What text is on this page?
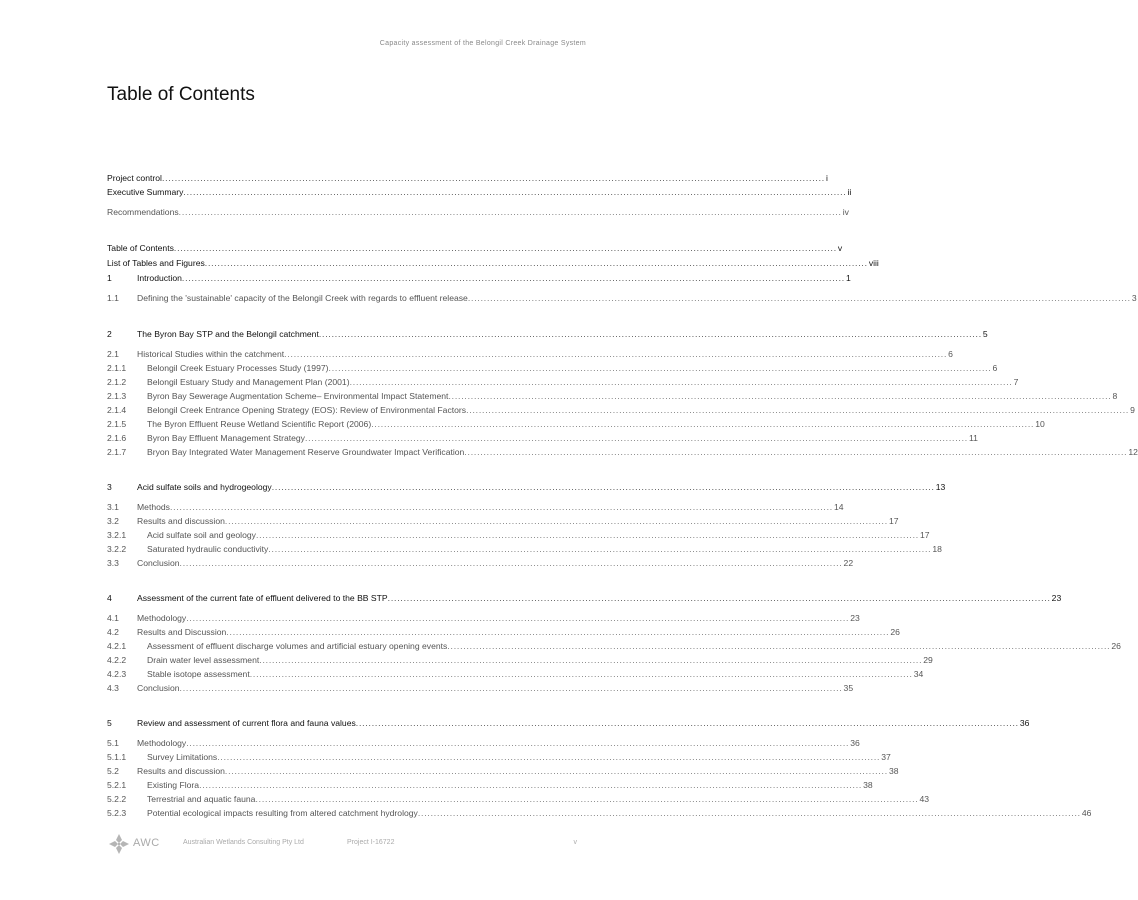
Capacity assessment of the Belongil Creek Drainage System
Table of Contents
Project control .....	i
Executive Summary .....	ii
Recommendations .....	iv
Table of Contents .....	v
List of Tables and Figures .....	viii
1	Introduction .....	1
1.1	Defining the 'sustainable' capacity of the Belongil Creek with regards to effluent release .....	3
2	The Byron Bay STP and the Belongil catchment .....	5
2.1	Historical Studies within the catchment .....	6
2.1.1	Belongil Creek Estuary Processes Study (1997) .....	6
2.1.2	Belongil Estuary Study and Management Plan (2001) .....	7
2.1.3	Byron Bay Sewerage Augmentation Scheme– Environmental Impact Statement .....	8
2.1.4	Belongil Creek Entrance Opening Strategy (EOS): Review of Environmental Factors .....	9
2.1.5	The Byron Effluent Reuse Wetland Scientific Report (2006) .....	10
2.1.6	Byron Bay Effluent Management Strategy .....	11
2.1.7	Bryon Bay Integrated Water Management Reserve Groundwater Impact Verification .....	12
3	Acid sulfate soils and hydrogeology .....	13
3.1	Methods .....	14
3.2	Results and discussion .....	17
3.2.1	Acid sulfate soil and geology .....	17
3.2.2	Saturated hydraulic conductivity .....	18
3.3	Conclusion .....	22
4	Assessment of the current fate of effluent delivered to the BB STP .....	23
4.1	Methodology .....	23
4.2	Results and Discussion .....	26
4.2.1	Assessment of effluent discharge volumes and artificial estuary opening events .....	26
4.2.2	Drain water level assessment .....	29
4.2.3	Stable isotope assessment .....	34
4.3	Conclusion .....	35
5	Review and assessment of current flora and fauna values .....	36
5.1	Methodology .....	36
5.1.1	Survey Limitations .....	37
5.2	Results and discussion .....	38
5.2.1	Existing Flora .....	38
5.2.2	Terrestrial and aquatic fauna .....	43
5.2.3	Potential ecological impacts resulting from altered catchment hydrology .....	46
AWC	Australian Wetlands Consulting Pty Ltd	Project I-16722	v
